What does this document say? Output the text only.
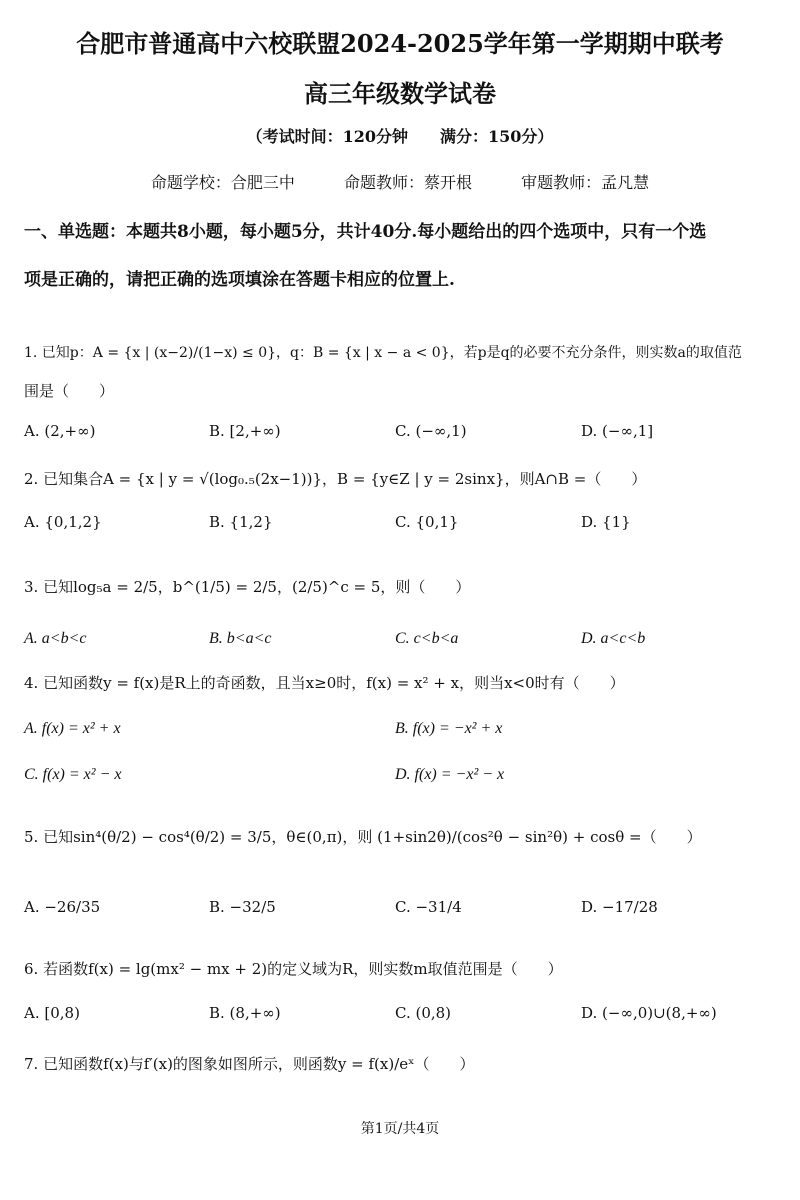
合肥市普通高中六校联盟2024-2025学年第一学期期中联考
高三年级数学试卷
（考试时间：120分钟　　满分：150分）
命题学校：合肥三中	命题教师：蔡开根	审题教师：孟凡慧
一、单选题：本题共8小题，每小题5分，共计40分.每小题给出的四个选项中，只有一个选
项是正确的，请把正确的选项填涂在答题卡相应的位置上.
1. 已知p：A = {x | (x−2)/(1−x) ≤ 0}，q：B = {x | x − a < 0}，若p是q的必要不充分条件，则实数a的取值范
围是（　　）
A. (2,+∞)	B. [2,+∞)	C. (−∞,1)	D. (−∞,1]
2. 已知集合A = {x | y = √(log₀.₅(2x−1))}，B = {y∈Z | y = 2sinx}，则A∩B =（　　）
A. {0,1,2}	B. {1,2}	C. {0,1}	D. {1}
3. 已知log₅a = 2/5，b^(1/5) = 2/5，(2/5)^c = 5，则（　　）
A. a<b<c	B. b<a<c	C. c<b<a	D. a<c<b
4. 已知函数y = f(x)是R上的奇函数，且当x≥0时，f(x) = x² + x，则当x<0时有（　　）
A. f(x) = x² + x	B. f(x) = −x² + x
C. f(x) = x² − x	D. f(x) = −x² − x
5. 已知sin⁴(θ/2) − cos⁴(θ/2) = 3/5，θ∈(0,π)，则 (1+sin2θ)/(cos²θ − sin²θ) + cosθ =（　　）
A. −26/35	B. −32/5	C. −31/4	D. −17/28
6. 若函数f(x) = lg(mx² − mx + 2)的定义域为R，则实数m取值范围是（　　）
A. [0,8)	B. (8,+∞)	C. (0,8)	D. (−∞,0)∪(8,+∞)
7. 已知函数f(x)与f′(x)的图象如图所示，则函数y = f(x)/eˣ（　　）
第1页/共4页
